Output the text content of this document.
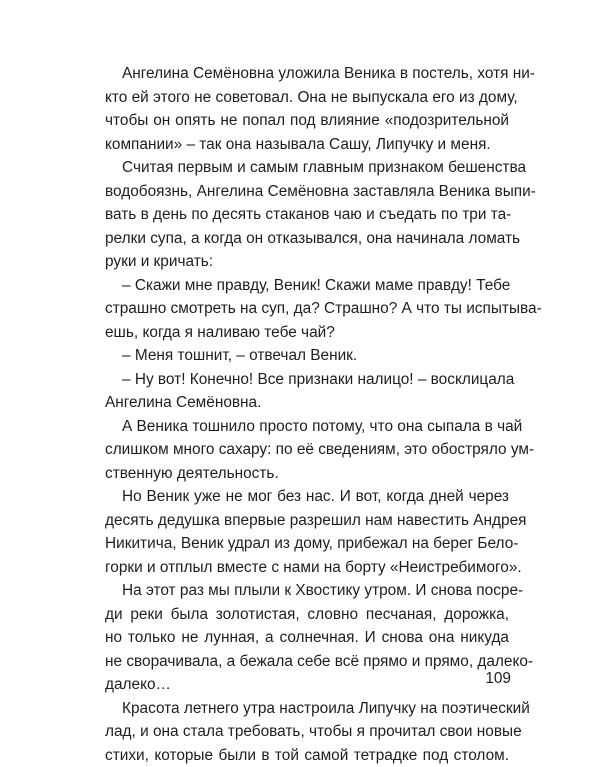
Ангелина Семёновна уложила Веника в постель, хотя ни-
кто ей этого не советовал. Она не выпускала его из дому,
чтобы он опять не попал под влияние «подозрительной
компании» – так она называла Сашу, Липучку и меня.
Считая первым и самым главным признаком бешенства
водобоязнь, Ангелина Семёновна заставляла Веника выпи-
вать в день по десять стаканов чаю и съедать по три та-
релки супа, а когда он отказывался, она начинала ломать
руки и кричать:
– Скажи мне правду, Веник! Скажи маме правду! Тебе
страшно смотреть на суп, да? Страшно? А что ты испытыва-
ешь, когда я наливаю тебе чай?
– Меня тошнит, – отвечал Веник.
– Ну вот! Конечно! Все признаки налицо! – восклицала
Ангелина Семёновна.
А Веника тошнило просто потому, что она сыпала в чай
слишком много сахару: по её сведениям, это обостряло ум-
ственную деятельность.
Но Веник уже не мог без нас. И вот, когда дней через
десять дедушка впервые разрешил нам навестить Андрея
Никитича, Веник удрал из дому, прибежал на берег Бело-
горки и отплыл вместе с нами на борту «Неистребимого».
На этот раз мы плыли к Хвостику утром. И снова посре-
ди реки была золотистая, словно песчаная, дорожка,
но только не лунная, а солнечная. И снова она никуда
не сворачивала, а бежала себе всё прямо и прямо, далеко-
далеко…
Красота летнего утра настроила Липучку на поэтический
лад, и она стала требовать, чтобы я прочитал свои новые
стихи, которые были в той самой тетрадке под столом.
109
